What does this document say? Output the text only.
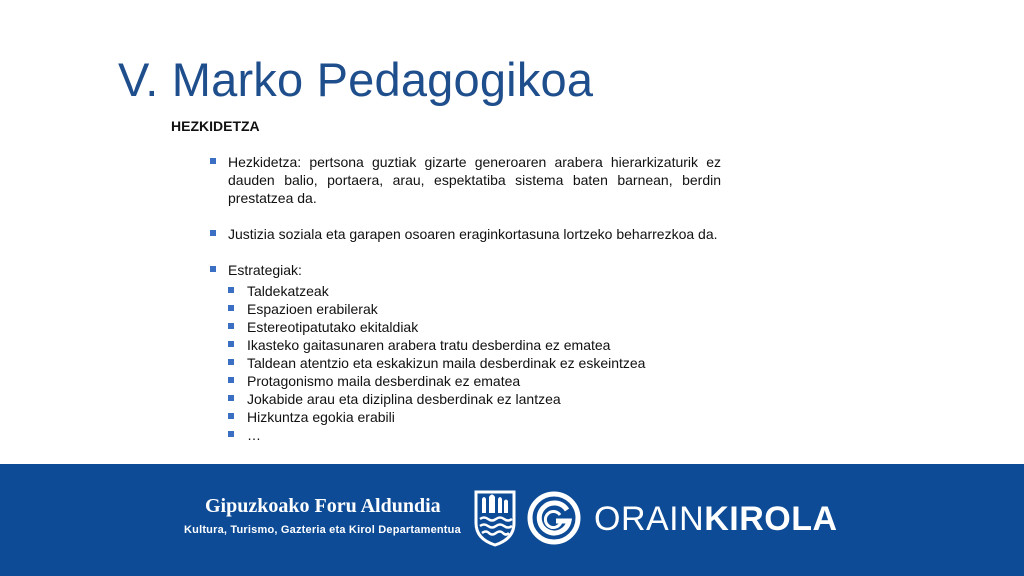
V. Marko Pedagogikoa
HEZKIDETZA
Hezkidetza: pertsona guztiak gizarte generoaren arabera hierarkizaturik ez dauden balio, portaera, arau, espektatiba sistema baten barnean, berdin prestatzea da.
Justizia soziala eta garapen osoaren eraginkortasuna lortzeko beharrezkoa da.
Estrategiak:
Taldekatzeak
Espazioen erabilerak
Estereotipatutako ekitaldiak
Ikasteko gaitasunaren arabera tratu desberdina ez ematea
Taldean atentzio eta eskakizun maila desberdinak ez eskeintzea
Protagonismo maila desberdinak ez ematea
Jokabide arau eta diziplina desberdinak ez lantzea
Hizkuntza egokia erabili
…
Gipuzkoako Foru Aldundia
Kultura, Turismo, Gazteria eta Kirol Departamentua	ORAINKIROLA
